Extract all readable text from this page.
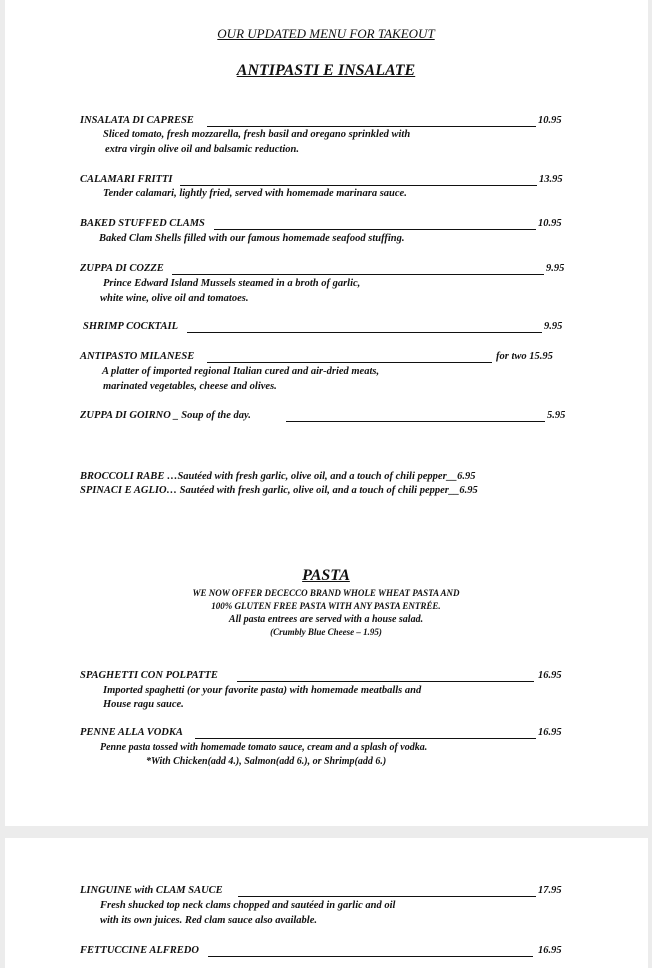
OUR UPDATED MENU FOR TAKEOUT
ANTIPASTI E INSALATE
INSALATA DI CAPRESE	10.95
Sliced tomato, fresh mozzarella, fresh basil and oregano sprinkled with
extra virgin olive oil and balsamic reduction.
CALAMARI FRITTI	13.95
Tender calamari, lightly fried, served with homemade marinara sauce.
BAKED STUFFED CLAMS	10.95
Baked Clam Shells filled with our famous homemade seafood stuffing.
ZUPPA DI COZZE	9.95
Prince Edward Island Mussels steamed in a broth of garlic,
white wine, olive oil and tomatoes.
SHRIMP COCKTAIL	9.95
ANTIPASTO MILANESE	for two 15.95
A platter of imported regional Italian cured and air-dried meats,
marinated vegetables, cheese and olives.
ZUPPA DI GOIRNO _ Soup of the day.	5.95
BROCCOLI RABE …Sautéed with fresh garlic, olive oil, and a touch of chili pepper__6.95
SPINACI E AGLIO… Sautéed with fresh garlic, olive oil, and a touch of chili pepper__6.95
PASTA
WE NOW OFFER DECECCO BRAND WHOLE WHEAT PASTA AND
100% GLUTEN FREE PASTA WITH ANY PASTA ENTRÉE.
All pasta entrees are served with a house salad.
(Crumbly Blue Cheese – 1.95)
SPAGHETTI CON POLPATTE	16.95
Imported spaghetti (or your favorite pasta) with homemade meatballs and
House ragu sauce.
PENNE ALLA VODKA	16.95
Penne pasta tossed with homemade tomato sauce, cream and a splash of vodka.
*With Chicken(add 4.), Salmon(add 6.), or Shrimp(add 6.)
LINGUINE with CLAM SAUCE	17.95
Fresh shucked top neck clams chopped and sautéed in garlic and oil
with its own juices. Red clam sauce also available.
FETTUCCINE ALFREDO	16.95
